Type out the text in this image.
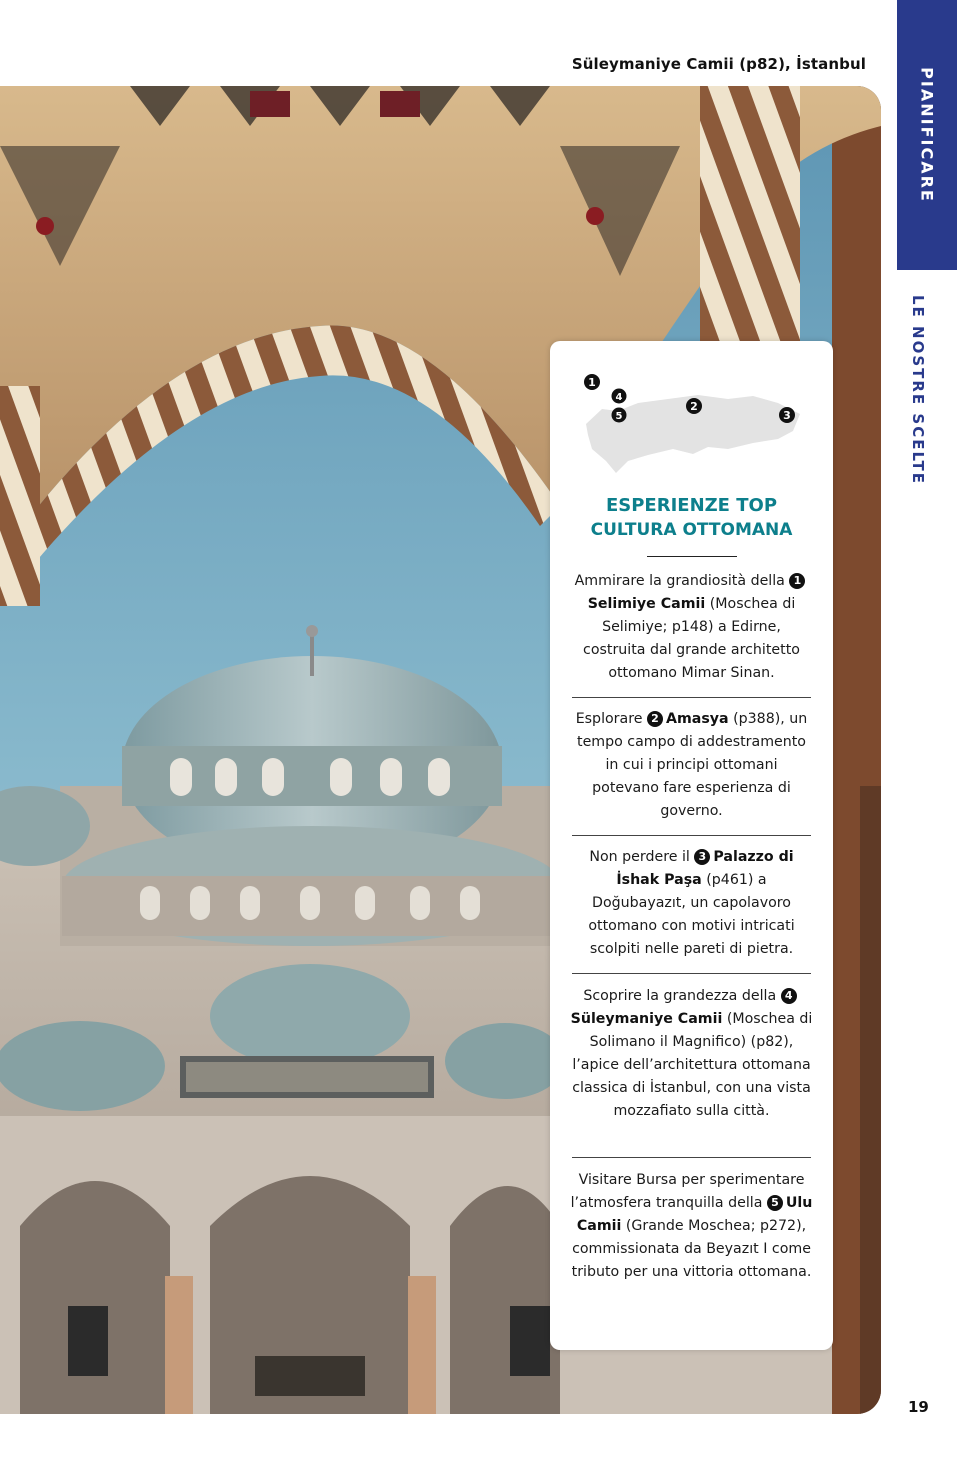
Süleymaniye Camii (p82), İstanbul
PIANIFICARE
LE NOSTRE SCELTE
1
4
5
2
3
ESPERIENZE TOP
CULTURA OTTOMANA
Ammirare la grandiosità della 1Selimiye Camii (Moschea di Selimiye; p148) a Edirne, costruita dal grande architetto ottomano Mimar Sinan.
Esplorare 2 Amasya (p388), un tempo campo di addestramento in cui i principi ottomani potevano fare esperienza di governo.
Non perdere il 3 Palazzo di İshak Paşa (p461) a Doğubayazıt, un capolavoro ottomano con motivi intricati scolpiti nelle pareti di pietra.
Scoprire la grandezza della 4Süleymaniye Camii (Moschea di Solimano il Magnifico) (p82), l’apice dell’architettura ottomana classica di İstanbul, con una vista mozzafiato sulla città.
Visitare Bursa per sperimentare l’atmosfera tranquilla della 5 Ulu Camii (Grande Moschea; p272), commissionata da Beyazıt I come tributo per una vittoria ottomana.
19
